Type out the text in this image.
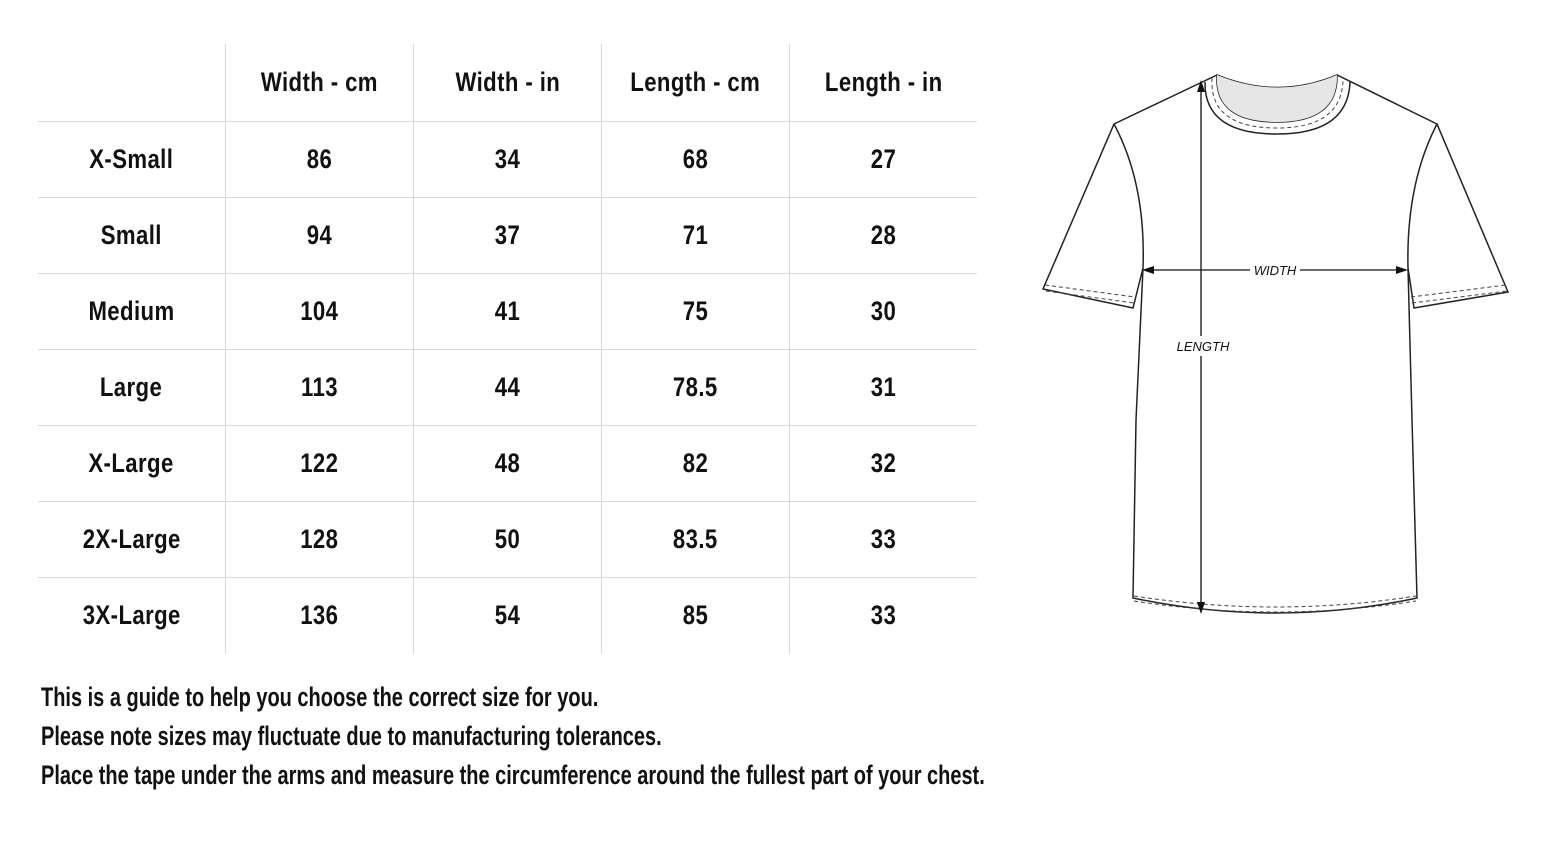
	Width - cm	Width - in	Length - cm	Length - in
X-Small	86	34	68	27
Small	94	37	71	28
Medium	104	41	75	30
Large	113	44	78.5	31
X-Large	122	48	82	32
2X-Large	128	50	83.5	33
3X-Large	136	54	85	33
This is a guide to help you choose the correct size for you.
Please note sizes may fluctuate due to manufacturing tolerances.
Place the tape under the arms and measure the circumference around the fullest part of your chest.
WIDTH
LENGTH
